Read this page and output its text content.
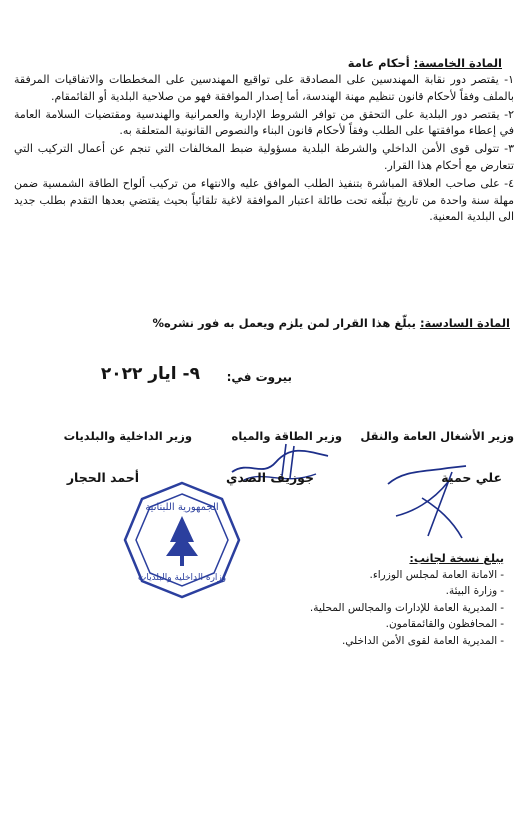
المادة الخامسة: أحكام عامة

١- يقتصر دور نقابة المهندسين على المصادقة على تواقيع المهندسين على المخططات والاتفاقيات المرفقة بالملف وفقاً لأحكام قانون تنظيم مهنة الهندسة، أما إصدار الموافقة فهو من صلاحية البلدية أو القائمقام.

٢- يقتصر دور البلدية على التحقق من توافر الشروط الإدارية والعمرانية والهندسية ومقتضيات السلامة العامة في إعطاء موافقتها على الطلب وفقاً لأحكام قانون البناء والنصوص القانونية المتعلقة به.

٣- تتولى قوى الأمن الداخلي والشرطة البلدية مسؤولية ضبط المخالفات التي تنجم عن أعمال التركيب التي تتعارض مع أحكام هذا القرار.

٤- على صاحب العلاقة المباشرة بتنفيذ الطلب الموافق عليه والانتهاء من تركيب ألواح الطاقة الشمسية ضمن مهلة سنة واحدة من تاريخ تبلّغه تحت طائلة اعتبار الموافقة لاغية تلقائياً بحيث يقتضي بعدها التقدم بطلب جديد الى البلدية المعنية.

المادة السادسة: يبلّغ هذا القرار لمن يلزم ويعمل به فور نشره%
بيروت في:
٩- ايار ٢٠٢٢
وزير الأشغال العامة والنقل
وزير الطاقة والمياه
وزير الداخلية والبلديات
الجمهورية اللبنانية
وزارة الداخلية والبلديات
علي حمية
جوزيف الصدي
أحمد الحجار

يبلغ نسخة لجانب:

-الامانة العامة لمجلس الوزراء.
-وزارة البيئة.
-المديرية العامة للإدارات والمجالس المحلية.
-المحافظون والقائمقامون.
-المديرية العامة لقوى الأمن الداخلي.
